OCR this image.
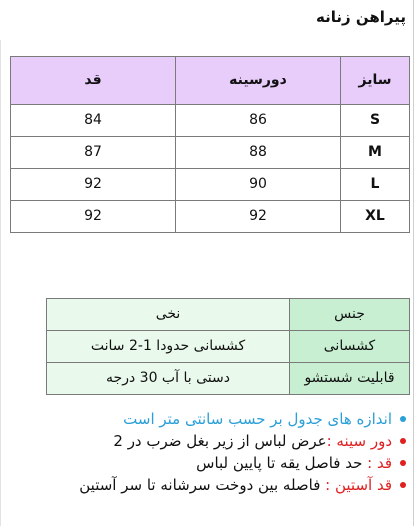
پیراهن زنانه
سایز	دورسینه	قد
S	86	84
M	88	87
L	90	92
XL	92	92
جنس	نخی
کشسانی	کشسانی حدودا 1-2 سانت
قابلیت شستشو	دستی با آب 30 درجه
اندازه های جدول بر حسب سانتی متر است
دور سینه :عرض لباس از زیر بغل ضرب در 2
قد : حد فاصل یقه تا پایین لباس
قد آستین : فاصله بین دوخت سرشانه تا سر آستین
